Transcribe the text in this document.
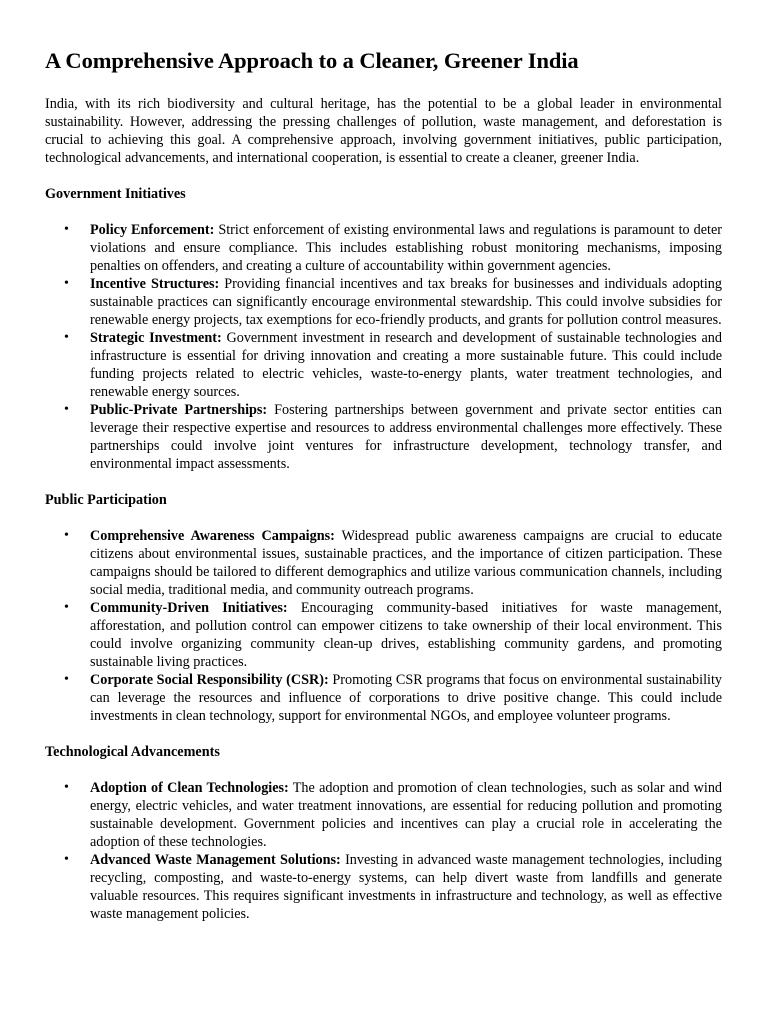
A Comprehensive Approach to a Cleaner, Greener India

India, with its rich biodiversity and cultural heritage, has the potential to be a global leader in environmental sustainability. However, addressing the pressing challenges of pollution, waste management, and deforestation is crucial to achieving this goal. A comprehensive approach, involving government initiatives, public participation, technological advancements, and international cooperation, is essential to create a cleaner, greener India.

Government Initiatives
• Policy Enforcement: Strict enforcement of existing environmental laws and regulations is paramount to deter violations and ensure compliance. This includes establishing robust monitoring mechanisms, imposing penalties on offenders, and creating a culture of accountability within government agencies.
• Incentive Structures: Providing financial incentives and tax breaks for businesses and individuals adopting sustainable practices can significantly encourage environmental stewardship. This could involve subsidies for renewable energy projects, tax exemptions for eco-friendly products, and grants for pollution control measures.
• Strategic Investment: Government investment in research and development of sustainable technologies and infrastructure is essential for driving innovation and creating a more sustainable future. This could include funding projects related to electric vehicles, waste-to-energy plants, water treatment technologies, and renewable energy sources.
• Public-Private Partnerships: Fostering partnerships between government and private sector entities can leverage their respective expertise and resources to address environmental challenges more effectively. These partnerships could involve joint ventures for infrastructure development, technology transfer, and environmental impact assessments.
Public Participation
• Comprehensive Awareness Campaigns: Widespread public awareness campaigns are crucial to educate citizens about environmental issues, sustainable practices, and the importance of citizen participation. These campaigns should be tailored to different demographics and utilize various communication channels, including social media, traditional media, and community outreach programs.
• Community-Driven Initiatives: Encouraging community-based initiatives for waste management, afforestation, and pollution control can empower citizens to take ownership of their local environment. This could involve organizing community clean-up drives, establishing community gardens, and promoting sustainable living practices.
• Corporate Social Responsibility (CSR): Promoting CSR programs that focus on environmental sustainability can leverage the resources and influence of corporations to drive positive change. This could include investments in clean technology, support for environmental NGOs, and employee volunteer programs.
Technological Advancements
• Adoption of Clean Technologies: The adoption and promotion of clean technologies, such as solar and wind energy, electric vehicles, and water treatment innovations, are essential for reducing pollution and promoting sustainable development. Government policies and incentives can play a crucial role in accelerating the adoption of these technologies.
• Advanced Waste Management Solutions: Investing in advanced waste management technologies, including recycling, composting, and waste-to-energy systems, can help divert waste from landfills and generate valuable resources. This requires significant investments in infrastructure and technology, as well as effective waste management policies.
